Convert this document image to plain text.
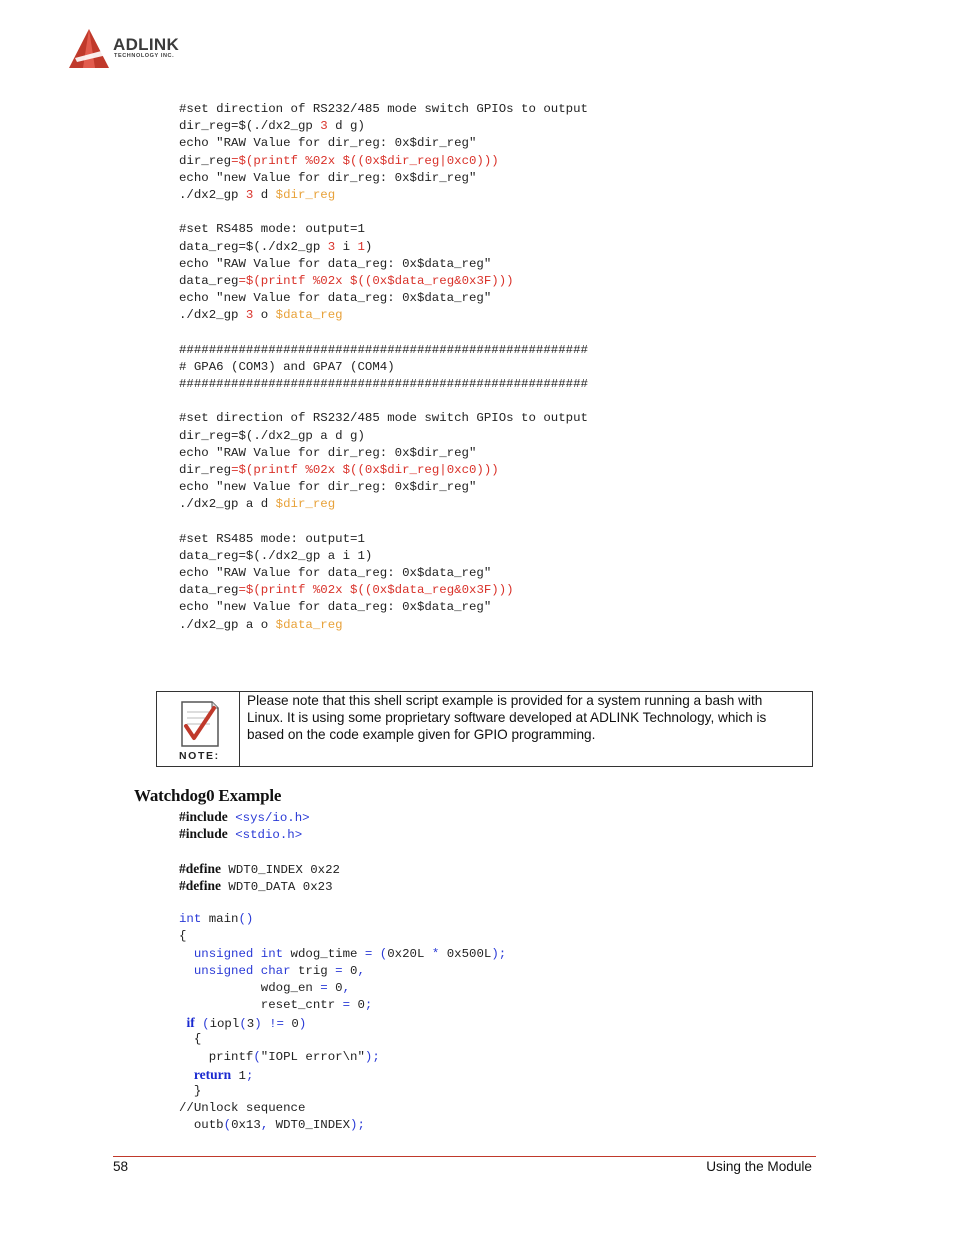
ADLINK
TECHNOLOGY INC.
#set direction of RS232/485 mode switch GPIOs to output
dir_reg=$(./dx2_gp 3 d g)
echo "RAW Value for dir_reg: 0x$dir_reg"
dir_reg=$(printf %02x $((0x$dir_reg|0xc0)))
echo "new Value for dir_reg: 0x$dir_reg"
./dx2_gp 3 d $dir_reg
#set RS485 mode: output=1
data_reg=$(./dx2_gp 3 i 1)
echo "RAW Value for data_reg: 0x$data_reg"
data_reg=$(printf %02x $((0x$data_reg&0x3F)))
echo "new Value for data_reg: 0x$data_reg"
./dx2_gp 3 o $data_reg
#######################################################
# GPA6 (COM3) and GPA7 (COM4)
#######################################################
#set direction of RS232/485 mode switch GPIOs to output
dir_reg=$(./dx2_gp a d g)
echo "RAW Value for dir_reg: 0x$dir_reg"
dir_reg=$(printf %02x $((0x$dir_reg|0xc0)))
echo "new Value for dir_reg: 0x$dir_reg"
./dx2_gp a d $dir_reg
#set RS485 mode: output=1
data_reg=$(./dx2_gp a i 1)
echo "RAW Value for data_reg: 0x$data_reg"
data_reg=$(printf %02x $((0x$data_reg&0x3F)))
echo "new Value for data_reg: 0x$data_reg"
./dx2_gp a o $data_reg
NOTE:
Please note that this shell script example is provided for a system running a bash with Linux. It is using some proprietary software developed at ADLINK Technology, which is based on the code example given for GPIO programming.
Watchdog0 Example
#include <sys/io.h>
#include <stdio.h>
#define WDT0_INDEX 0x22
#define WDT0_DATA 0x23
int main()
{
unsigned int wdog_time = (0x20L * 0x500L);
unsigned char trig = 0,
wdog_en = 0,
reset_cntr = 0;
if (iopl(3) != 0)
{
printf("IOPL error\n");
return 1;
}
//Unlock sequence
outb(0x13, WDT0_INDEX);
58	Using the Module
